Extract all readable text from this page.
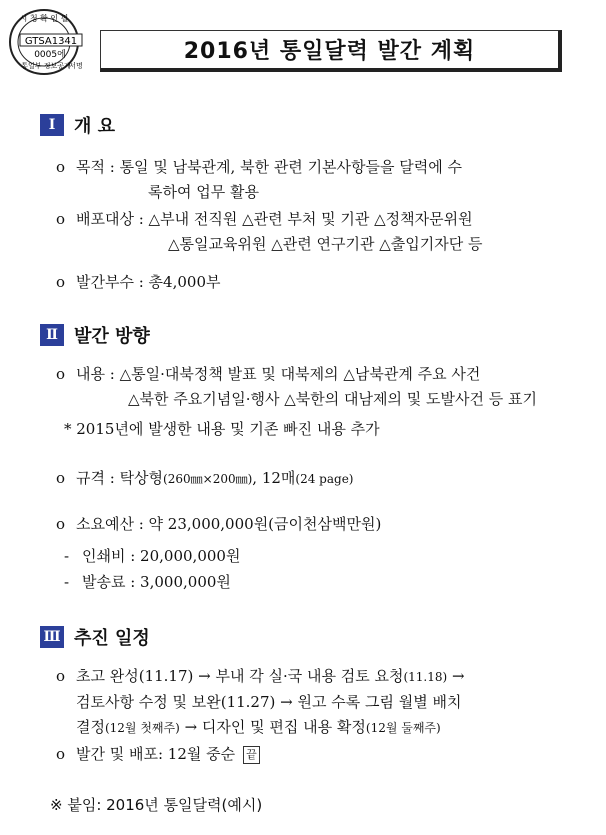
시 청 확 인 필
GTSA1341
0005에
통일부 정보공개
서명
2016년 통일달력 발간 계획
Ⅰ	개 요
o 목적 : 통일 및 남북관계, 북한 관련 기본사항들을 달력에 수
록하여 업무 활용
o 배포대상 : △부내 전직원 △관련 부처 및 기관 △정책자문위원
△통일교육위원 △관련 연구기관 △출입기자단 등
o 발간부수 : 총4,000부
Ⅱ 발간 방향
o 내용 : △통일·대북정책 발표 및 대북제의 △남북관계 주요 사건
△북한 주요기념일·행사 △북한의 대남제의 및 도발사건 등 표기
* 2015년에 발생한 내용 및 기존 빠진 내용 추가
o 규격 : 탁상형(260㎜×200㎜), 12매(24 page)
o 소요예산 : 약 23,000,000원(금이천삼백만원)
- 인쇄비 : 20,000,000원
- 발송료 : 3,000,000원
Ⅲ 추진 일정
o 초고 완성(11.17) → 부내 각 실·국 내용 검토 요청(11.18) →
검토사항 수정 및 보완(11.27) → 원고 수록 그림 월별 배치
결정(12월 첫째주) → 디자인 및 편집 내용 확정(12월 둘째주)
o 발간 및 배포: 12월 중순 끝
※ 붙임: 2016년 통일달력(예시)
